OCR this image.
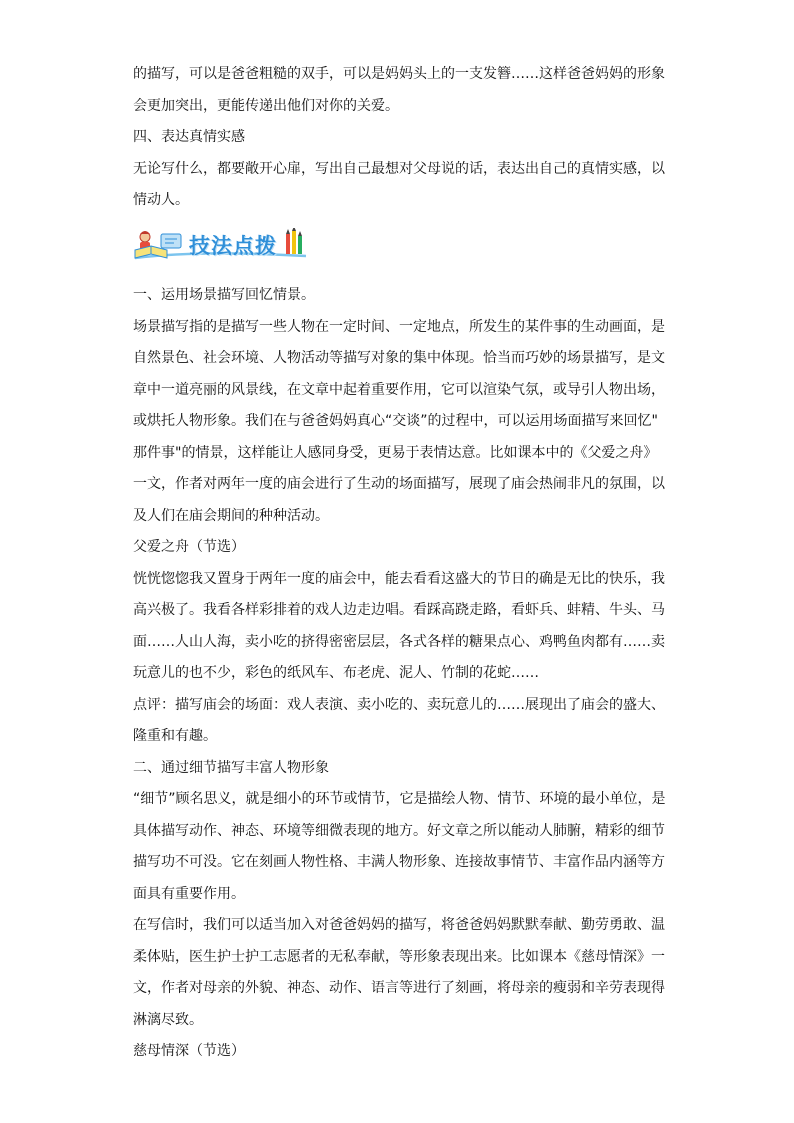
的描写，可以是爸爸粗糙的双手，可以是妈妈头上的一支发簪……这样爸爸妈妈的形象
会更加突出，更能传递出他们对你的关爱。
四、表达真情实感
无论写什么，都要敞开心扉，写出自己最想对父母说的话，表达出自己的真情实感，以
情动人。
技法点拨
一、运用场景描写回忆情景。
场景描写指的是描写一些人物在一定时间、一定地点，所发生的某件事的生动画面，是
自然景色、社会环境、人物活动等描写对象的集中体现。恰当而巧妙的场景描写，是文
章中一道亮丽的风景线，在文章中起着重要作用，它可以渲染气氛，或导引人物出场，
或烘托人物形象。我们在与爸爸妈妈真心“交谈”的过程中，可以运用场面描写来回忆"
那件事"的情景，这样能让人感同身受，更易于表情达意。比如课本中的《父爱之舟》
一文，作者对两年一度的庙会进行了生动的场面描写，展现了庙会热闹非凡的氛围，以
及人们在庙会期间的种种活动。
父爱之舟（节选）
恍恍惚惚我又置身于两年一度的庙会中，能去看看这盛大的节日的确是无比的快乐，我
高兴极了。我看各样彩排着的戏人边走边唱。看踩高跷走路，看虾兵、蚌精、牛头、马
面……人山人海，卖小吃的挤得密密层层，各式各样的糖果点心、鸡鸭鱼肉都有……卖
玩意儿的也不少，彩色的纸风车、布老虎、泥人、竹制的花蛇……
点评：描写庙会的场面：戏人表演、卖小吃的、卖玩意儿的……展现出了庙会的盛大、
隆重和有趣。
二、通过细节描写丰富人物形象
“细节”顾名思义，就是细小的环节或情节，它是描绘人物、情节、环境的最小单位，是
具体描写动作、神态、环境等细微表现的地方。好文章之所以能动人肺腑，精彩的细节
描写功不可没。它在刻画人物性格、丰满人物形象、连接故事情节、丰富作品内涵等方
面具有重要作用。
在写信时，我们可以适当加入对爸爸妈妈的描写，将爸爸妈妈默默奉献、勤劳勇敢、温
柔体贴，医生护士护工志愿者的无私奉献，等形象表现出来。比如课本《慈母情深》一
文，作者对母亲的外貌、神态、动作、语言等进行了刻画，将母亲的瘦弱和辛劳表现得
淋漓尽致。
慈母情深（节选）
